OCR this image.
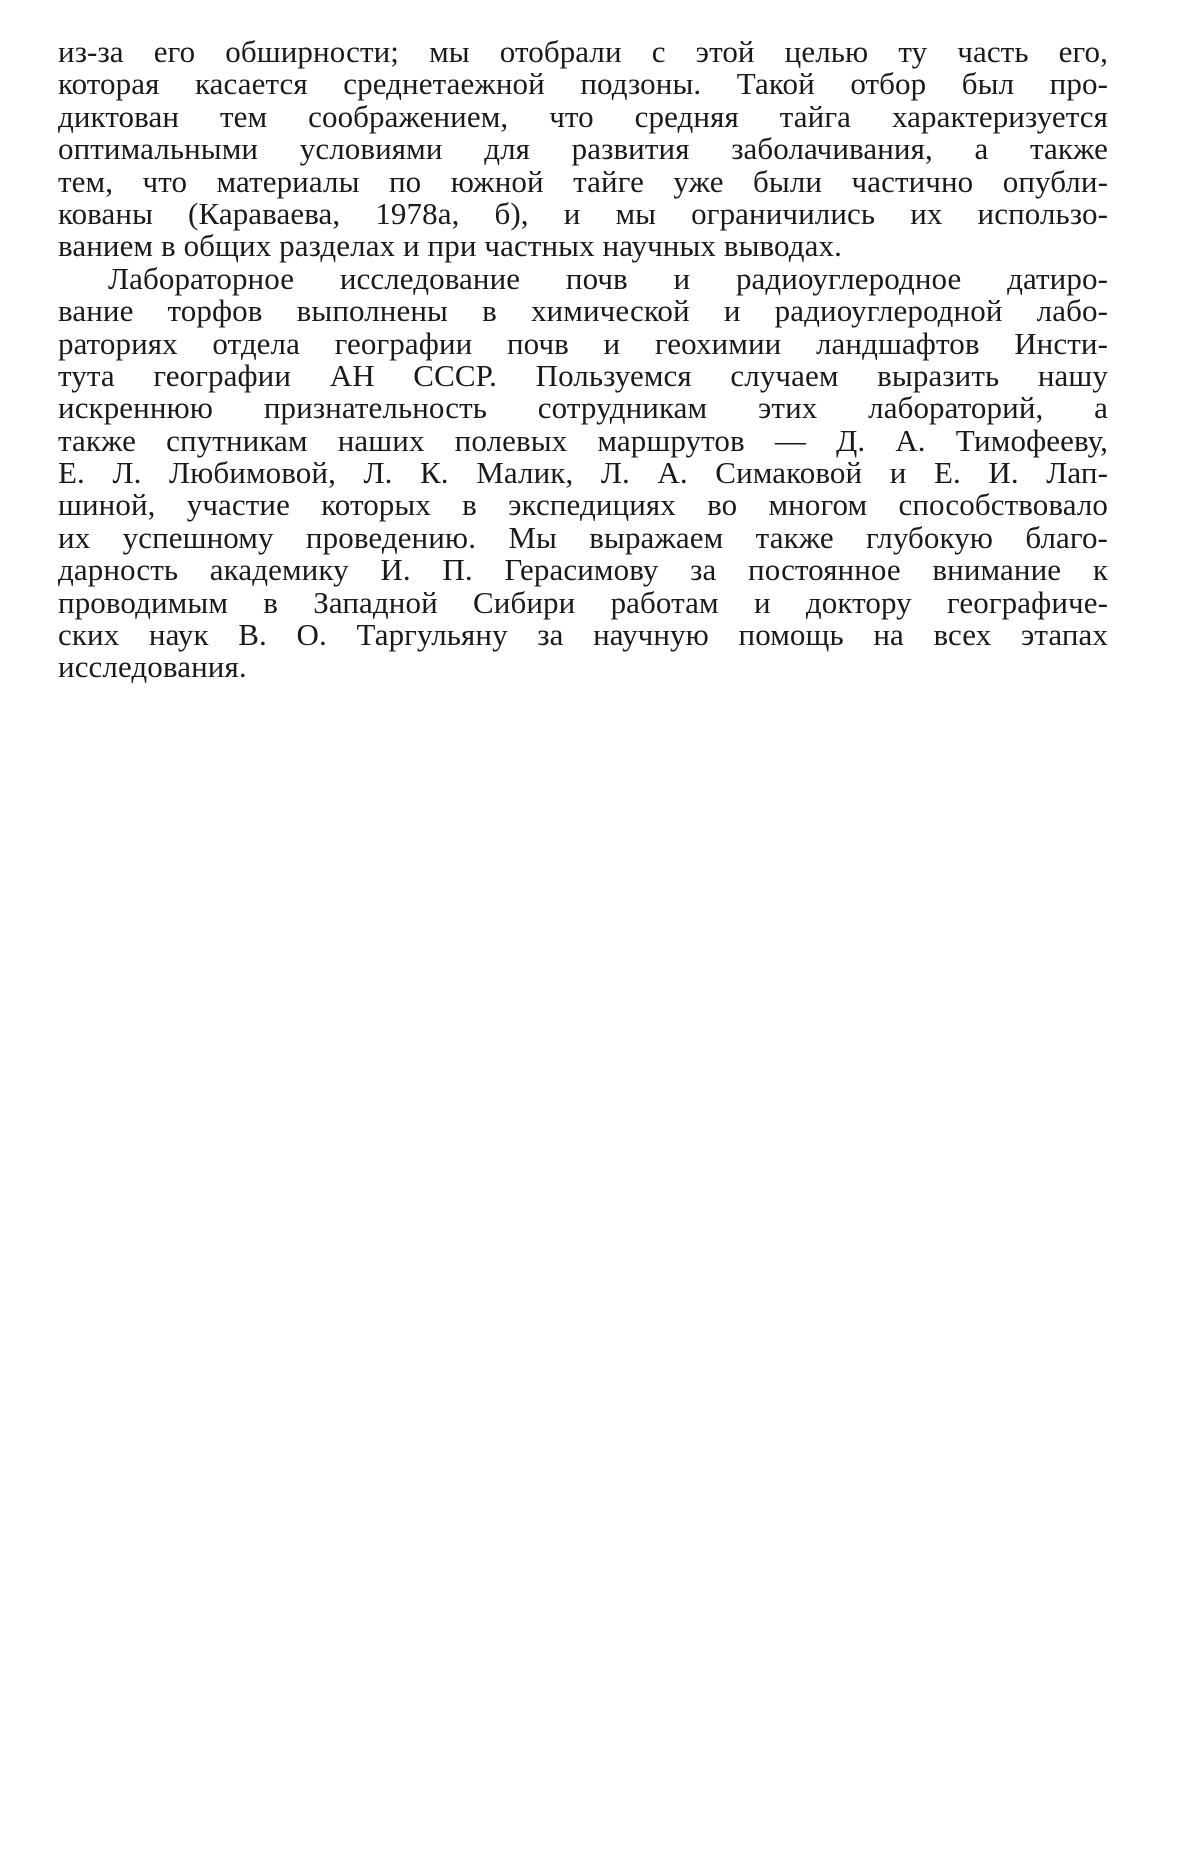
из-за его обширности; мы отобрали с этой целью ту часть его,
которая касается среднетаежной подзоны. Такой отбор был про-
диктован тем соображением, что средняя тайга характеризуется
оптимальными условиями для развития заболачивания, а также
тем, что материалы по южной тайге уже были частично опубли-
кованы (Караваева, 1978а, б), и мы ограничились их использо-
ванием в общих разделах и при частных научных выводах.
Лабораторное исследование почв и радиоуглеродное датиро-
вание торфов выполнены в химической и радиоуглеродной лабо-
раториях отдела географии почв и геохимии ландшафтов Инсти-
тута географии АН СССР. Пользуемся случаем выразить нашу
искреннюю признательность сотрудникам этих лабораторий, а
также спутникам наших полевых маршрутов — Д. А. Тимофееву,
Е. Л. Любимовой, Л. К. Малик, Л. А. Симаковой и Е. И. Лап-
шиной, участие которых в экспедициях во многом способствовало
их успешному проведению. Мы выражаем также глубокую благо-
дарность академику И. П. Герасимову за постоянное внимание к
проводимым в Западной Сибири работам и доктору географиче-
ских наук В. О. Таргульяну за научную помощь на всех этапах
исследования.
